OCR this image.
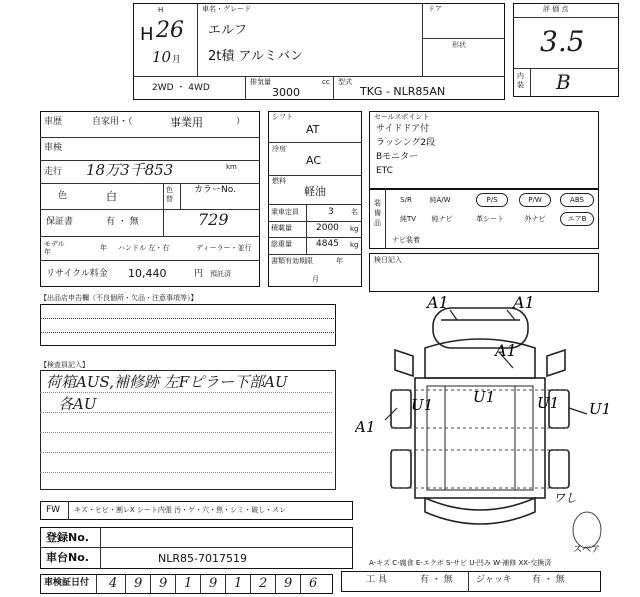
H
H 26
10 月
車名・グレード
エルフ
2t積 アルミバン
ドア
形状
2WD ・ 4WD
排気量	cc
3000
型式
TKG - NLR85AN
評 価 点
3.5
内装 B
車歴	自家用・（	事業用	）
車検
走行 18万3千853	km
色	白	色替
カラーNo.
729
保証書	有 ・ 無
モデル年	年 ハンドル 左・右	ディーラー・並行
リサイクル料金 10,440	円 預託済
シフト
AT
冷房
AC
燃料
軽油
乗車定員	3 名
積載量	2000 kg
総重量	4845 kg
書類有効期限	年
月
セールスポイント
サイドドア付
ラッシング2段
Bモニター
ETC
装備品
S/R	純A/W	P/S	P/W	ABS
純TV	純ナビ	革シート	外ナビ	エアB
ナビ装着
検日記入
【出品店申告欄（不良個所・欠品・注意事項等）】
【検査員記入】
荷箱AUS,補修跡 左Fピラー下部AU
各AU
FW キズ・ヒビ・割レX シート内張 汚・ゲ・穴・焦・シミ・破し・スレ
登録No.
車台No.	NLR85-7017519
車検証日付 4 9 9 1 9 1 2 9 6
A-キズ C-腐食 E-エクボ S-サビ U-凹み W-補修 XX-交換済
工 具	有 ・ 無	ジャッキ 有 ・ 無
A1	A1
A1
A1
U1	U1 U1
U1
ワし
スペア
